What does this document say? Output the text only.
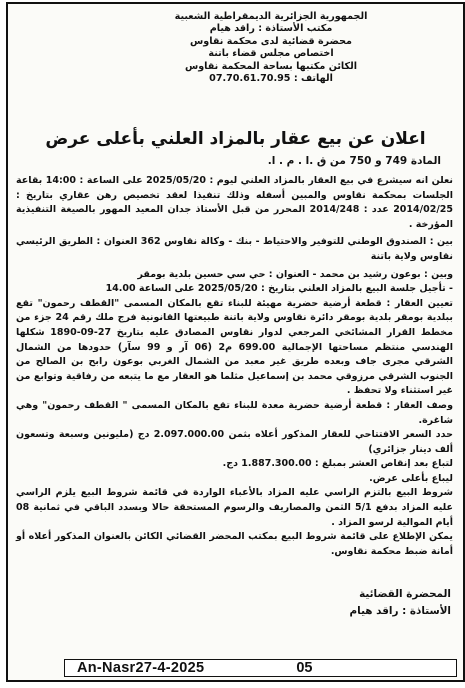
الجمهورية الجزائرية الديمقراطية الشعبية
مكتب الأستاذة : راقد هيام
محضرة قضائية لدى محكمة نقاوس
اختصاص مجلس قضاء باتنة
الكائن مكتبها بساحة المحكمة نقاوس
الهاتف : 07.70.61.70.95
اعلان عن بيع عقار بالمزاد العلني بأعلى عرض
المادة 749 و 750 من ق .ا . م . ا.

نعلن انه سيشرع في بيع العقار بالمزاد العلني ليوم : 2025/05/20 على الساعة : 14:00 بقاعة الجلسات بمحكمة نقاوس والمبين أسفله وذلك تنفيذا لعقد تخصيص رهن عقاري بتاريخ : 2014/02/25 عدد : 2014/248 المحرر من قبل الأستاذ جدان المعيد المهور بالصيغة التنفيذية المؤرخة .

بين : الصندوق الوطني للتوفير والاحتياط - بنك - وكالة نقاوس 362 العنوان : الطريق الرئيسي نقاوس ولاية باتنة

وبين : بوعون رشيد بن محمد - العنوان : حي سي حسين بلدية بومقر

- تأجيل جلسة البيع بالمزاد العلني بتاريخ : 2025/05/20 على الساعة 14.00

تعيين العقار : قطعة أرضية حضرية مهيئة للبناء تقع بالمكان المسمى "القطف رحمون" تقع ببلدية بومقر بلدية بومقر دائرة نقاوس ولاية باتنة طبيعتها القانونية فرج ملك رقم 24 جزء من مخطط القرار المشائخي المرجعي لدوار نقاوس المصادق عليه بتاريخ 27-09-1890 شكلها الهندسي منتظم مساحتها الإجمالية 699.00 م2 (06 آر و 99 سآر) حدودها من الشمال الشرقي مجرى جاف وبعده طريق غير معبد من الشمال الغربي بوعون رابح بن الصالح من الجنوب الشرقي مرزوقي محمد بن إسماعيل مثلما هو العقار مع ما يتبعه من رفاقية وتوابع من غير استثناء ولا تحفظ .

وصف العقار : قطعة أرضية حضرية معدة للبناء تقع بالمكان المسمى " القطف رحمون" وهي شاغرة.

حدد السعر الافتتاحي للعقار المذكور أعلاه بثمن 2.097.000.00 دج (مليونين وسبعة وتسعون ألف دينار جزائري)

لتباع بعد إنقاص العشر بمبلغ : 1.887.300.00 دج.

ليباع بأعلى عرض.

شروط البيع بالتزم الراسي عليه المزاد بالأعباء الواردة في قائمة شروط البيع يلزم الراسي عليه المزاد بدفع 5/1 الثمن والمصاريف والرسوم المستحقة حالا وبسدد الباقي في ثمانية 08 أيام الموالية لرسو المزاد .

يمكن الإطلاع على قائمة شروط البيع بمكتب المحضر القضائي الكائن بالعنوان المذكور أعلاه أو أمانة ضبط محكمة نقاوس.

المحضرة القضائية
الأستاذة : راقد هيام
An-Nasr27-4-2025	05
